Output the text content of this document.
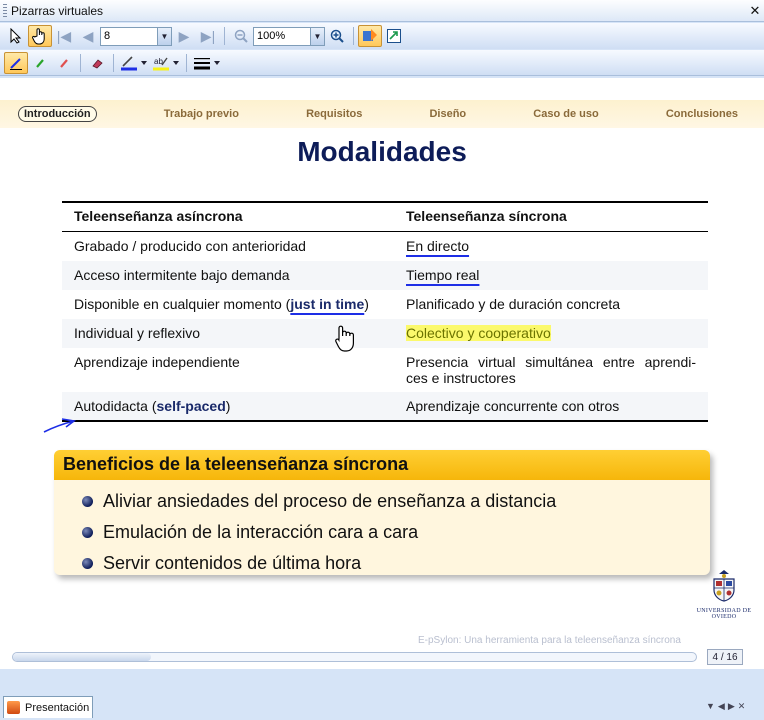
Pizarras virtuales	✕
|◀ ◀ 8	▼ ▶ ▶|	100%	▼
ab
Introducción	Trabajo previo	Requisitos	Diseño	Caso de uso	Conclusiones
Modalidades
Teleenseñanza asíncrona	Teleenseñanza síncrona
Grabado / producido con anterioridad	En directo
Acceso intermitente bajo demanda	Tiempo real
Disponible en cualquier momento (just in time)	Planificado y de duración concreta
Individual y reflexivo	Colectivo y cooperativo
Aprendizaje independiente	Presencia virtual simultánea entre aprendi- ces e instructores
Autodidacta (self-paced)	Aprendizaje concurrente con otros
Beneficios de la teleenseñanza síncrona
Aliviar ansiedades del proceso de enseñanza a distancia
Emulación de la interacción cara a cara
Servir contenidos de última hora
UNIVERSIDAD DE OVIEDO
E-pSylon: Una herramienta para la teleenseñanza síncrona
4 / 16
Presentación	▼◀▶✕
